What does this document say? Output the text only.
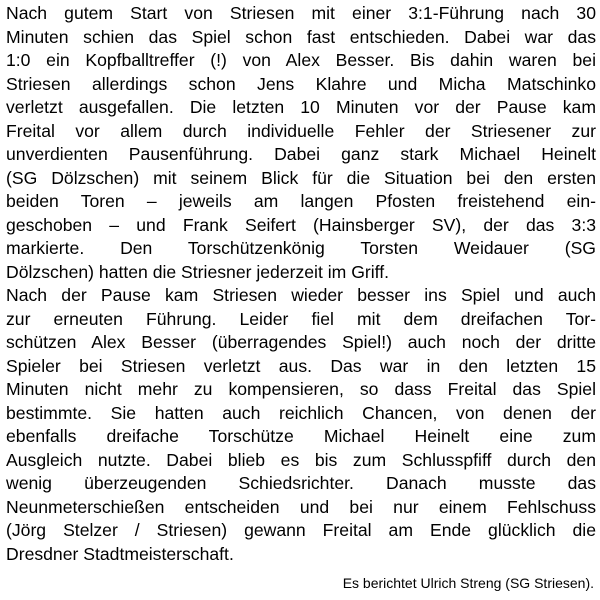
Nach gutem Start von Striesen mit einer 3:1-Führung nach 30
Minuten schien das Spiel schon fast entschieden. Dabei war das
1:0 ein Kopfballtreffer (!) von Alex Besser. Bis dahin waren bei
Striesen allerdings schon Jens Klahre und Micha Matschinko
verletzt ausgefallen. Die letzten 10 Minuten vor der Pause kam
Freital vor allem durch individuelle Fehler der Striesener zur
unverdienten Pausenführung. Dabei ganz stark Michael Heinelt
(SG Dölzschen) mit seinem Blick für die Situation bei den ersten
beiden Toren – jeweils am langen Pfosten freistehend ein-
geschoben – und Frank Seifert (Hainsberger SV), der das 3:3
markierte. Den Torschützenkönig Torsten Weidauer (SG
Dölzschen) hatten die Striesner jederzeit im Griff.
Nach der Pause kam Striesen wieder besser ins Spiel und auch
zur erneuten Führung. Leider fiel mit dem dreifachen Tor-
schützen Alex Besser (überragendes Spiel!) auch noch der dritte
Spieler bei Striesen verletzt aus. Das war in den letzten 15
Minuten nicht mehr zu kompensieren, so dass Freital das Spiel
bestimmte. Sie hatten auch reichlich Chancen, von denen der
ebenfalls dreifache Torschütze Michael Heinelt eine zum
Ausgleich nutzte. Dabei blieb es bis zum Schlusspfiff durch den
wenig überzeugenden Schiedsrichter. Danach musste das
Neunmeterschießen entscheiden und bei nur einem Fehlschuss
(Jörg Stelzer / Striesen) gewann Freital am Ende glücklich die
Dresdner Stadtmeisterschaft.
Es berichtet Ulrich Streng (SG Striesen).
